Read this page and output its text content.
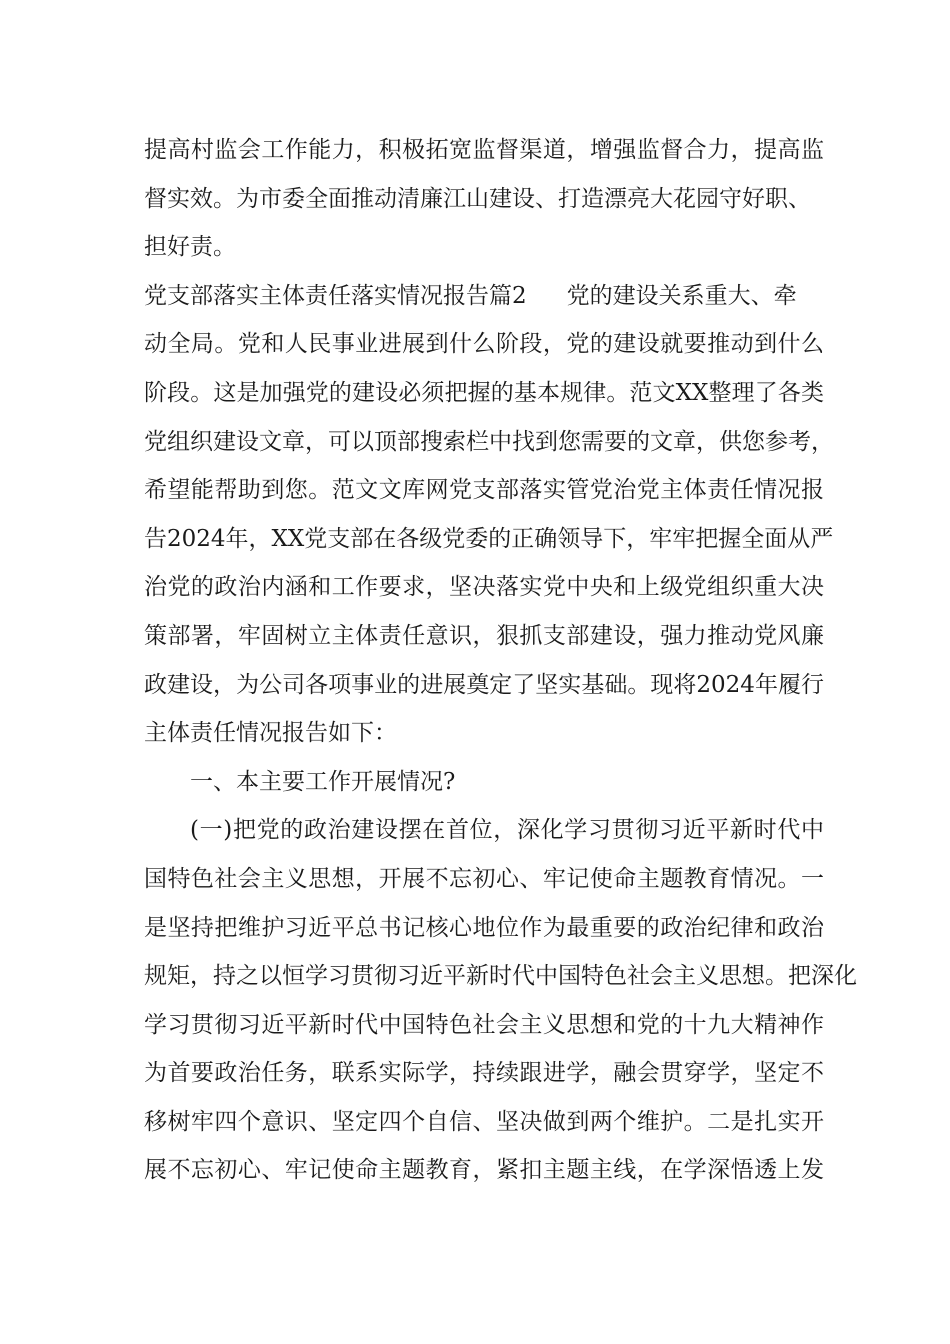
提高村监会工作能力，积极拓宽监督渠道，增强监督合力，提高监
督实效。为市委全面推动清廉江山建设、打造漂亮大花园守好职、
担好责。
党支部落实主体责任落实情况报告篇2 党的建设关系重大、牵
动全局。党和人民事业进展到什么阶段，党的建设就要推动到什么
阶段。这是加强党的建设必须把握的基本规律。范文XX整理了各类
党组织建设文章，可以顶部搜索栏中找到您需要的文章，供您参考，
希望能帮助到您。范文文库网党支部落实管党治党主体责任情况报
告2024年，XX党支部在各级党委的正确领导下，牢牢把握全面从严
治党的政治内涵和工作要求，坚决落实党中央和上级党组织重大决
策部署，牢固树立主体责任意识，狠抓支部建设，强力推动党风廉
政建设，为公司各项事业的进展奠定了坚实基础。现将2024年履行
主体责任情况报告如下：
一、本主要工作开展情况?
(一)把党的政治建设摆在首位，深化学习贯彻习近平新时代中
国特色社会主义思想，开展不忘初心、牢记使命主题教育情况。一
是坚持把维护习近平总书记核心地位作为最重要的政治纪律和政治
规矩，持之以恒学习贯彻习近平新时代中国特色社会主义思想。把深化
学习贯彻习近平新时代中国特色社会主义思想和党的十九大精神作
为首要政治任务，联系实际学，持续跟进学，融会贯穿学，坚定不
移树牢四个意识、坚定四个自信、坚决做到两个维护。二是扎实开
展不忘初心、牢记使命主题教育，紧扣主题主线，在学深悟透上发
